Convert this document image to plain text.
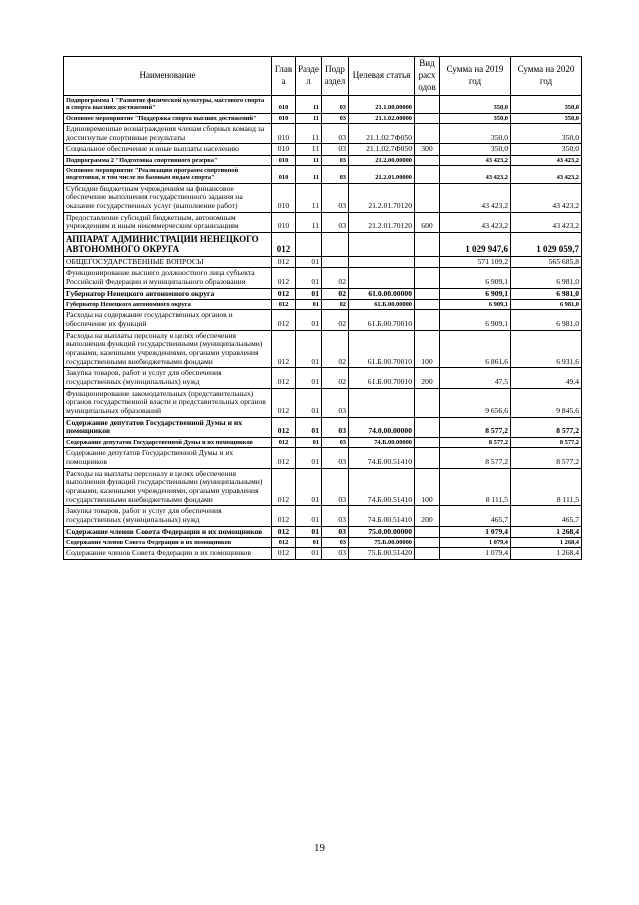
Наименование	Глав а	Разде л	Подр аздел	Целевая статья	Вид расх одов	Сумма на 2019 год	Сумма на 2020 год
Подпрограмма 1 "Развитие физической культуры, массового спорта и спорта высших достижений"	010	11	03	21.1.00.00000		350,0	350,0
Основное мероприятие "Поддержка спорта высших достижений"	010	11	03	21.1.02.00000		350,0	350,0
Единовременные вознаграждения членам сборных команд за достигнутые спортивные результаты	010	11	03	21.1.02.7Ф050		350,0	350,0
Социальное обеспечение и иные выплаты населению	010	11	03	21.1.02.7Ф050	300	350,0	350,0
Подпрограмма 2 "Подготовка спортивного резерва"	010	11	03	21.2.00.00000		43 423,2	43 423,2
Основное мероприятие "Реализация программ спортивной подготовки, в том числе по базовым видам спорта"	010	11	03	21.2.01.00000		43 423,2	43 423,2
Субсидии бюджетным учреждениям на финансовое обеспечение выполнения государственного задания на оказание государственных услуг (выполнение работ)	010	11	03	21.2.01.70120		43 423,2	43 423,2
Предоставление субсидий бюджетным, автономным учреждениям и иным некоммерческим организациям	010	11	03	21.2.01.70120	600	43 423,2	43 423,2
АППАРАТ АДМИНИСТРАЦИИ НЕНЕЦКОГО АВТОНОМНОГО ОКРУГА	012					1 029 947,6	1 029 059,7
ОБЩЕГОСУДАРСТВЕННЫЕ ВОПРОСЫ	012	01				571 109,2	565 685,8
Функционирование высшего должностного лица субъекта Российской Федерации и муниципального образования	012	01	02			6 909,1	6 981,0
Губернатор Ненецкого автономного округа	012	01	02	61.0.00.00000		6 909,1	6 981,0
Губернатор Ненецкого автономного округа	012	01	02	61.Б.00.00000		6 909,1	6 981,0
Расходы на содержание государственных органов и обеспечение их функций	012	01	02	61.Б.00.70010		6 909,1	6 981,0
Расходы на выплаты персоналу в целях обеспечения выполнения функций государственными (муниципальными) органами, казенными учреждениями, органами управления государственными внебюджетными фондами	012	01	02	61.Б.00.70010	100	6 861,6	6 931,6
Закупка товаров, работ и услуг для обеспечения государственных (муниципальных) нужд	012	01	02	61.Б.00.70010	200	47,5	49,4
Функционирование законодательных (представительных) органов государственной власти и представительных органов муниципальных образований	012	01	03			9 656,6	9 845,6
Содержание депутатов Государственной Думы и их помощников	012	01	03	74.0.00.00000		8 577,2	8 577,2
Содержание депутатов Государственной Думы и их помощников	012	01	03	74.Б.00.00000		8 577,2	8 577,2
Содержание депутатов Государственной Думы и их помощников	012	01	03	74.Б.00.51410		8 577,2	8 577,2
Расходы на выплаты персоналу в целях обеспечения выполнения функций государственными (муниципальными) органами, казенными учреждениями, органами управления государственными внебюджетными фондами	012	01	03	74.Б.00.51410	100	8 111,5	8 111,5
Закупка товаров, работ и услуг для обеспечения государственных (муниципальных) нужд	012	01	03	74.Б.00.51410	200	465,7	465,7
Содержание членов Совета Федерации и их помощников	012	01	03	75.0.00.00000		1 079,4	1 268,4
Содержание членов Совета Федерации и их помощников	012	01	03	75.Б.00.00000		1 079,4	1 268,4
Содержание членов Совета Федерации и их помощников	012	01	03	75.Б.00.51420		1 079,4	1 268,4
19
